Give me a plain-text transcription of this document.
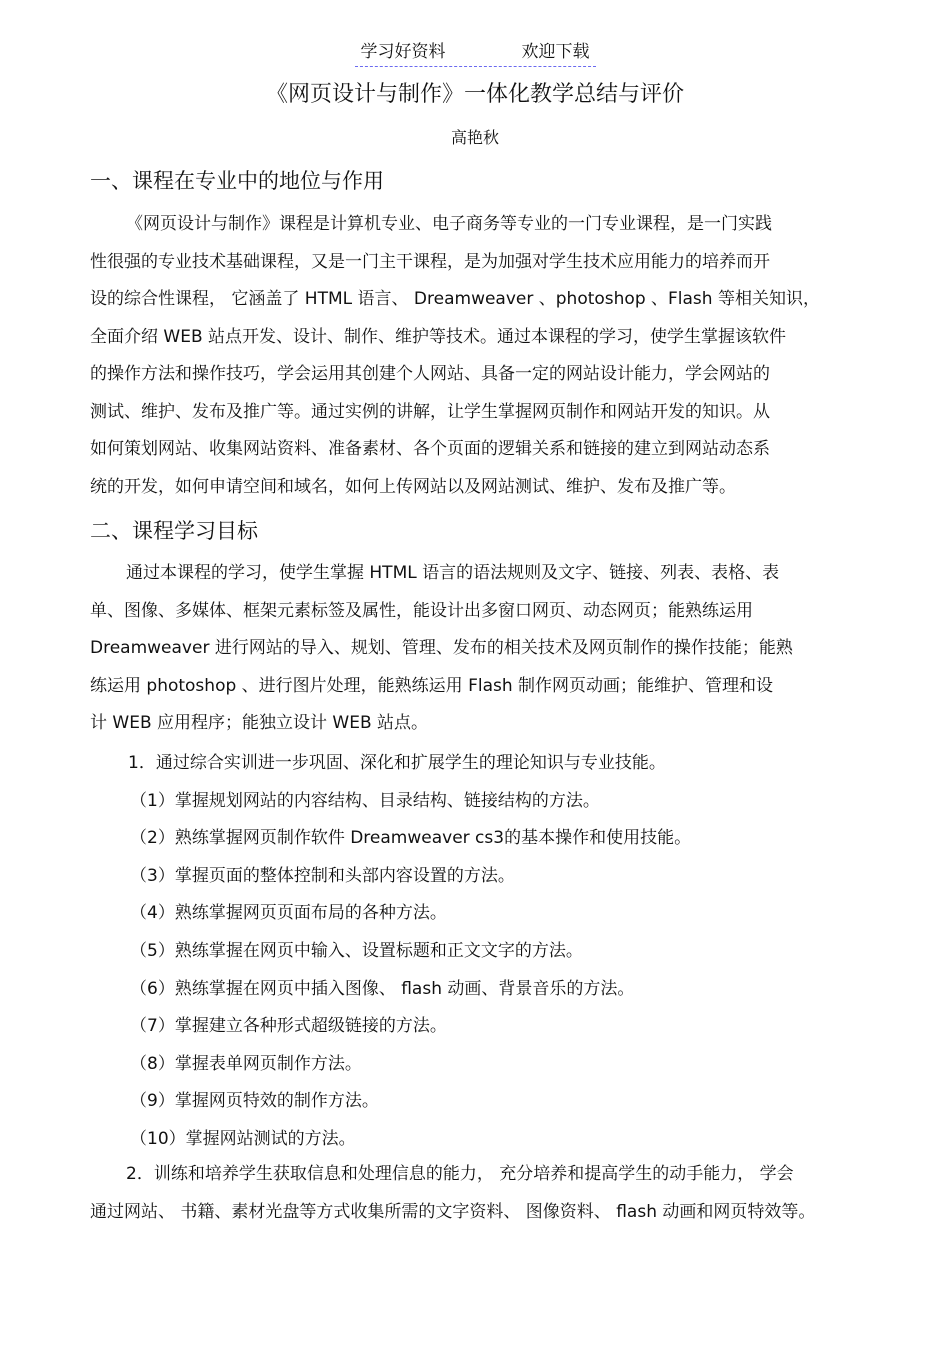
学习好资料	欢迎下载
《网页设计与制作》一体化教学总结与评价
高艳秋
一、课程在专业中的地位与作用
《网页设计与制作》课程是计算机专业、电子商务等专业的一门专业课程，是一门实践
性很强的专业技术基础课程，又是一门主干课程，是为加强对学生技术应用能力的培养而开
设的综合性课程， 它涵盖了 HTML 语言、 Dreamweaver 、photoshop 、Flash 等相关知识，
全面介绍 WEB 站点开发、设计、制作、维护等技术。通过本课程的学习，使学生掌握该软件
的操作方法和操作技巧，学会运用其创建个人网站、具备一定的网站设计能力，学会网站的
测试、维护、发布及推广等。通过实例的讲解，让学生掌握网页制作和网站开发的知识。从
如何策划网站、收集网站资料、准备素材、各个页面的逻辑关系和链接的建立到网站动态系
统的开发，如何申请空间和域名，如何上传网站以及网站测试、维护、发布及推广等。
二、课程学习目标
通过本课程的学习，使学生掌握 HTML 语言的语法规则及文字、链接、列表、表格、表
单、图像、多媒体、框架元素标签及属性，能设计出多窗口网页、动态网页；能熟练运用
Dreamweaver 进行网站的导入、规划、管理、发布的相关技术及网页制作的操作技能；能熟
练运用 photoshop 、进行图片处理，能熟练运用 Flash 制作网页动画；能维护、管理和设
计 WEB 应用程序；能独立设计 WEB 站点。
1．通过综合实训进一步巩固、深化和扩展学生的理论知识与专业技能。
（1）掌握规划网站的内容结构、目录结构、链接结构的方法。
（2）熟练掌握网页制作软件 Dreamweaver cs3的基本操作和使用技能。
（3）掌握页面的整体控制和头部内容设置的方法。
（4）熟练掌握网页页面布局的各种方法。
（5）熟练掌握在网页中输入、设置标题和正文文字的方法。
（6）熟练掌握在网页中插入图像、 flash 动画、背景音乐的方法。
（7）掌握建立各种形式超级链接的方法。
（8）掌握表单网页制作方法。
（9）掌握网页特效的制作方法。
（10）掌握网站测试的方法。
2．训练和培养学生获取信息和处理信息的能力， 充分培养和提高学生的动手能力， 学会
通过网站、 书籍、素材光盘等方式收集所需的文字资料、 图像资料、 flash 动画和网页特效等。
